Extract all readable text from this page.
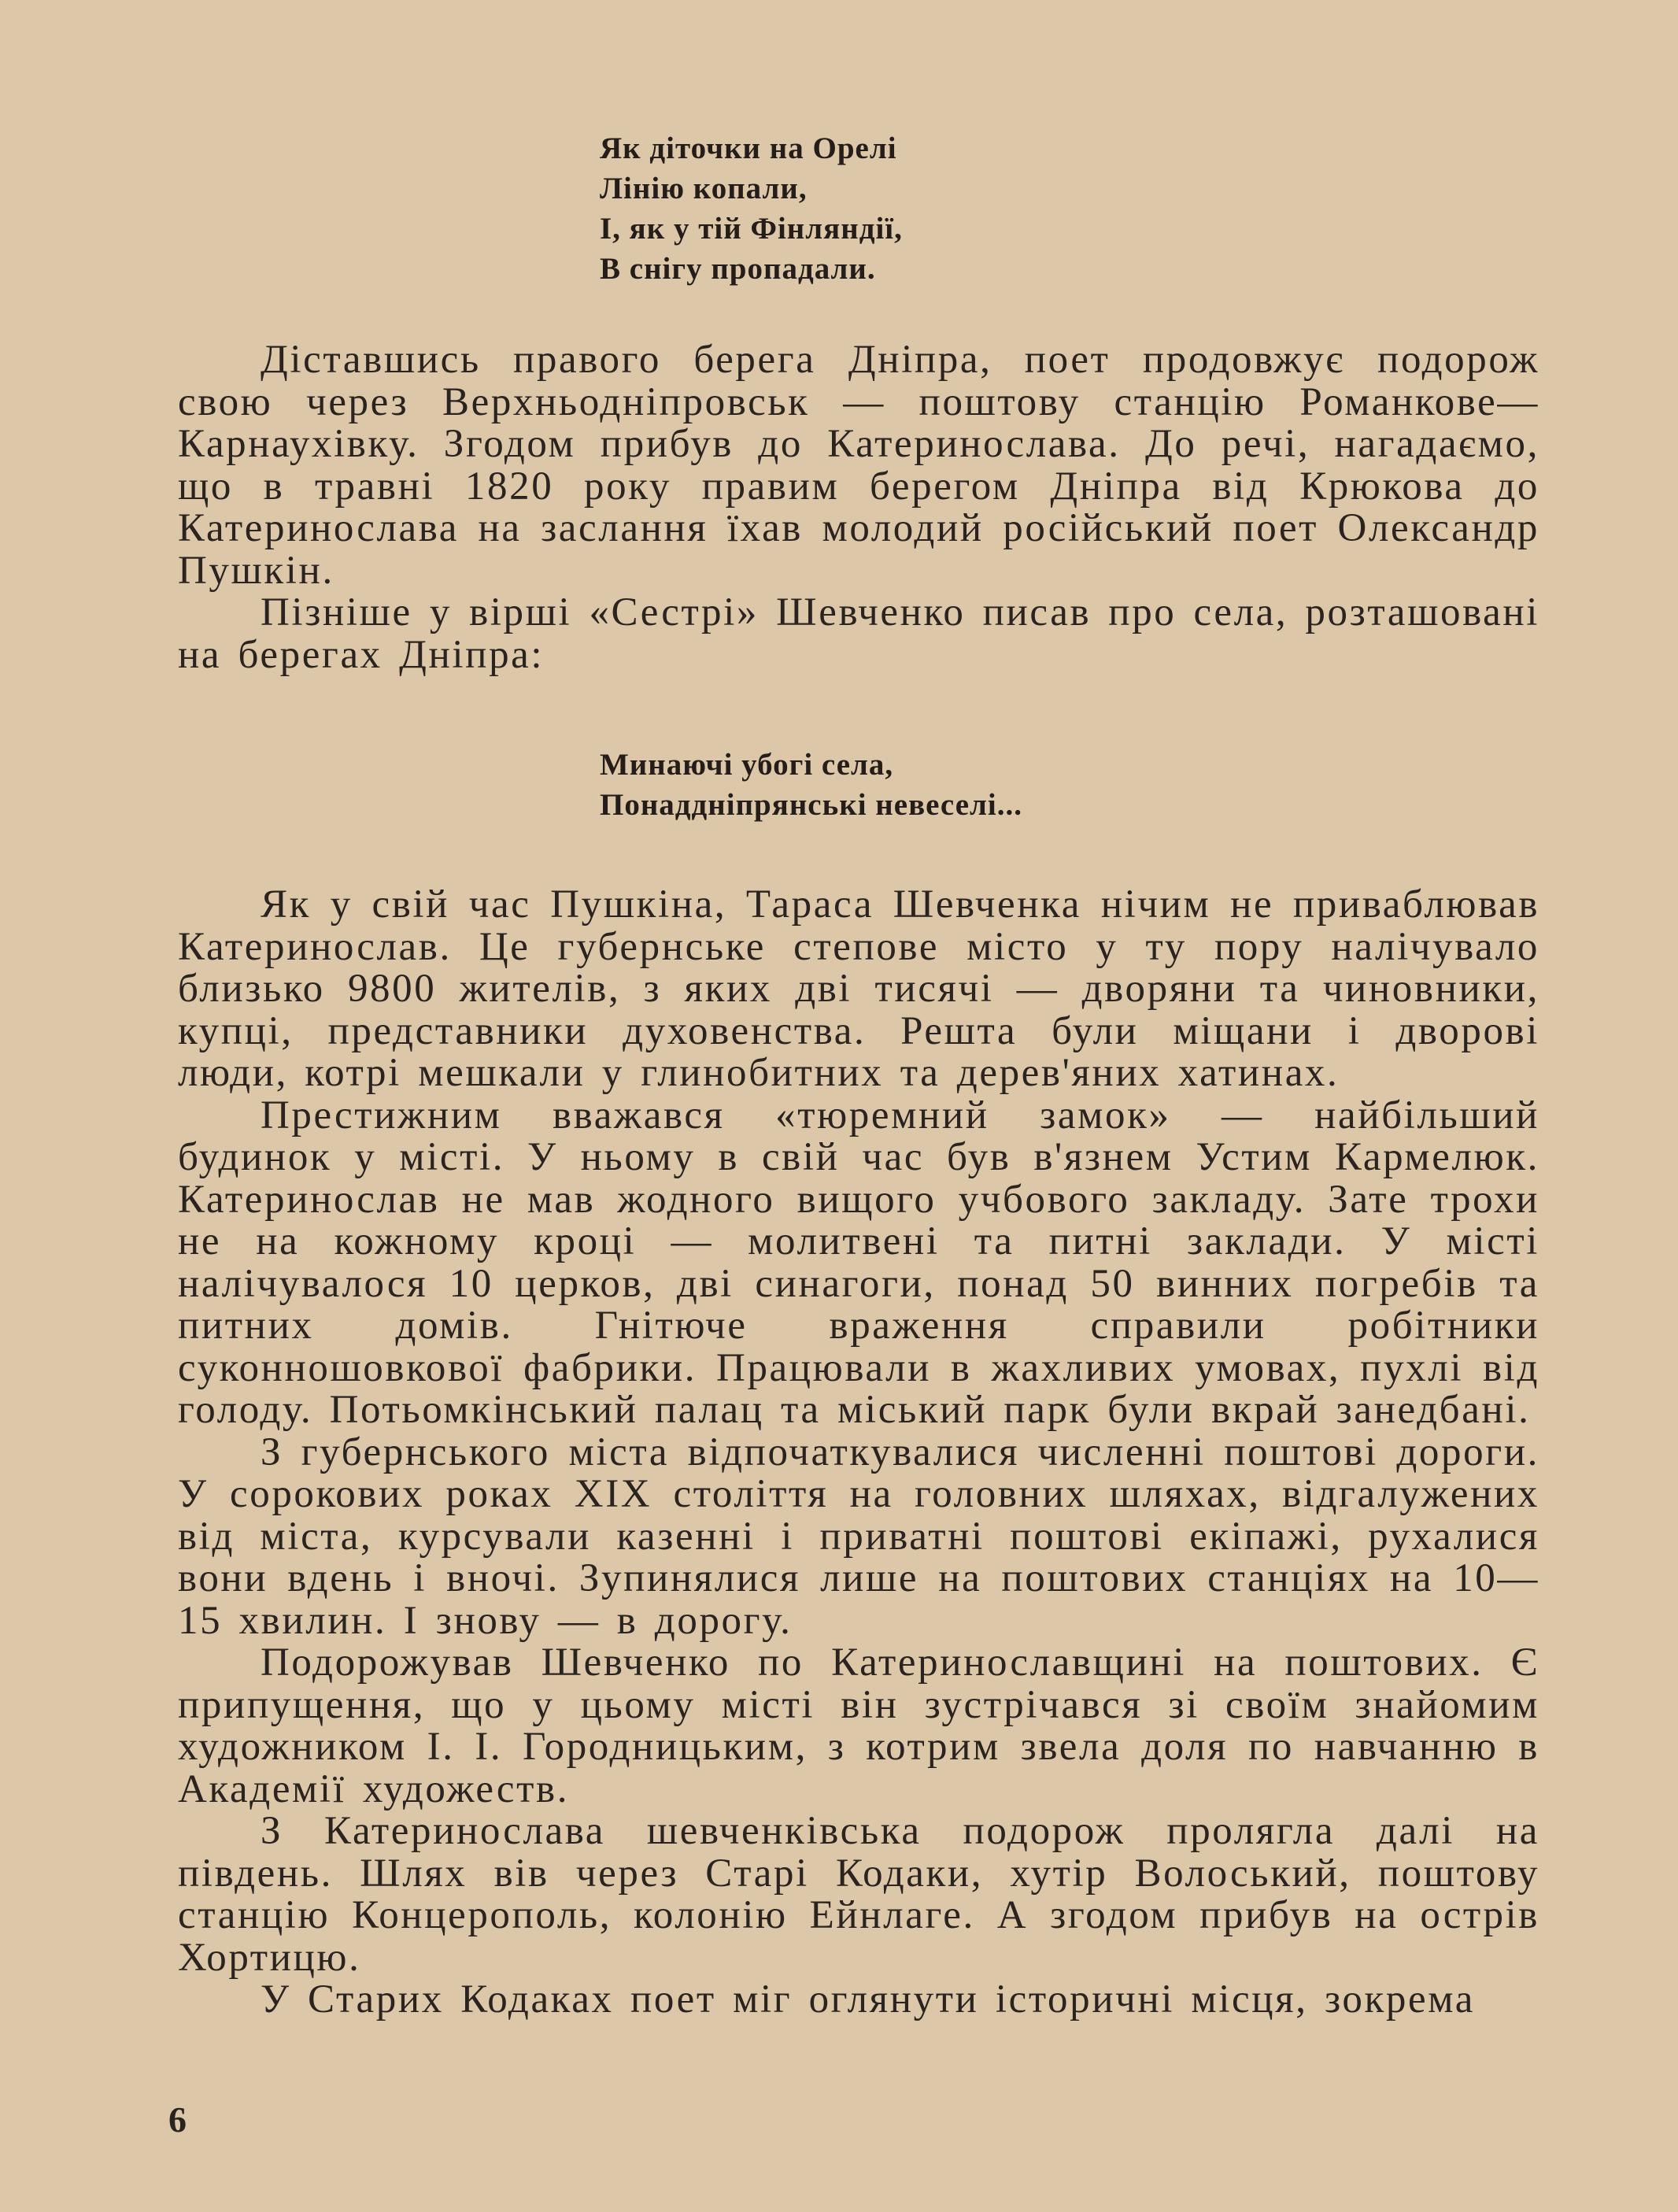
Як діточки на Орелі
Лінію копали,
І, як у тій Фінляндії,
В снігу пропадали.

Діставшись правого берега Дніпра, поет продовжує подорож свою через Верхньодніпровськ — поштову станцію Романкове— Карнаухівку. Згодом прибув до Катеринослава. До речі, нагадаємо, що в травні 1820 року правим берегом Дніпра від Крюкова до Катеринослава на заслання їхав молодий російський поет Олександр Пушкін.

Пізніше у вірші «Сестрі» Шевченко писав про села, розташовані на берегах Дніпра:

Минаючі убогі села,
Понаддніпрянські невеселі...

Як у свій час Пушкіна, Тараса Шевченка нічим не приваблював Катеринослав. Це губернське степове місто у ту пору налічувало близько 9800 жителів, з яких дві тисячі — дворяни та чиновники, купці, представники духовенства. Решта були міщани і дворові люди, котрі мешкали у глинобитних та дерев'яних хатинах.

Престижним вважався «тюремний замок» — найбільший будинок у місті. У ньому в свій час був в'язнем Устим Кармелюк. Катеринослав не мав жодного вищого учбового закладу. Зате трохи не на кожному кроці — молитвені та питні заклади. У місті налічувалося 10 церков, дві синагоги, понад 50 винних погребів та питних домів. Гнітюче враження справили робітники суконношовкової фабрики. Працювали в жахливих умовах, пухлі від голоду. Потьомкінський палац та міський парк були вкрай занедбані.

З губернського міста відпочаткувалися численні поштові дороги. У сорокових роках XIX століття на головних шляхах, відгалужених від міста, курсували казенні і приватні поштові екіпажі, рухалися вони вдень і вночі. Зупинялися лише на поштових станціях на 10—15 хвилин. І знову — в дорогу.

Подорожував Шевченко по Катеринославщині на поштових. Є припущення, що у цьому місті він зустрічався зі своїм знайомим художником І. І. Городницьким, з котрим звела доля по навчанню в Академії художеств.

З Катеринослава шевченківська подорож пролягла далі на південь. Шлях вів через Старі Кодаки, хутір Волоський, поштову станцію Концерополь, колонію Ейнлаге. А згодом прибув на острів Хортицю.

У Старих Кодаках поет міг оглянути історичні місця, зокрема

6
